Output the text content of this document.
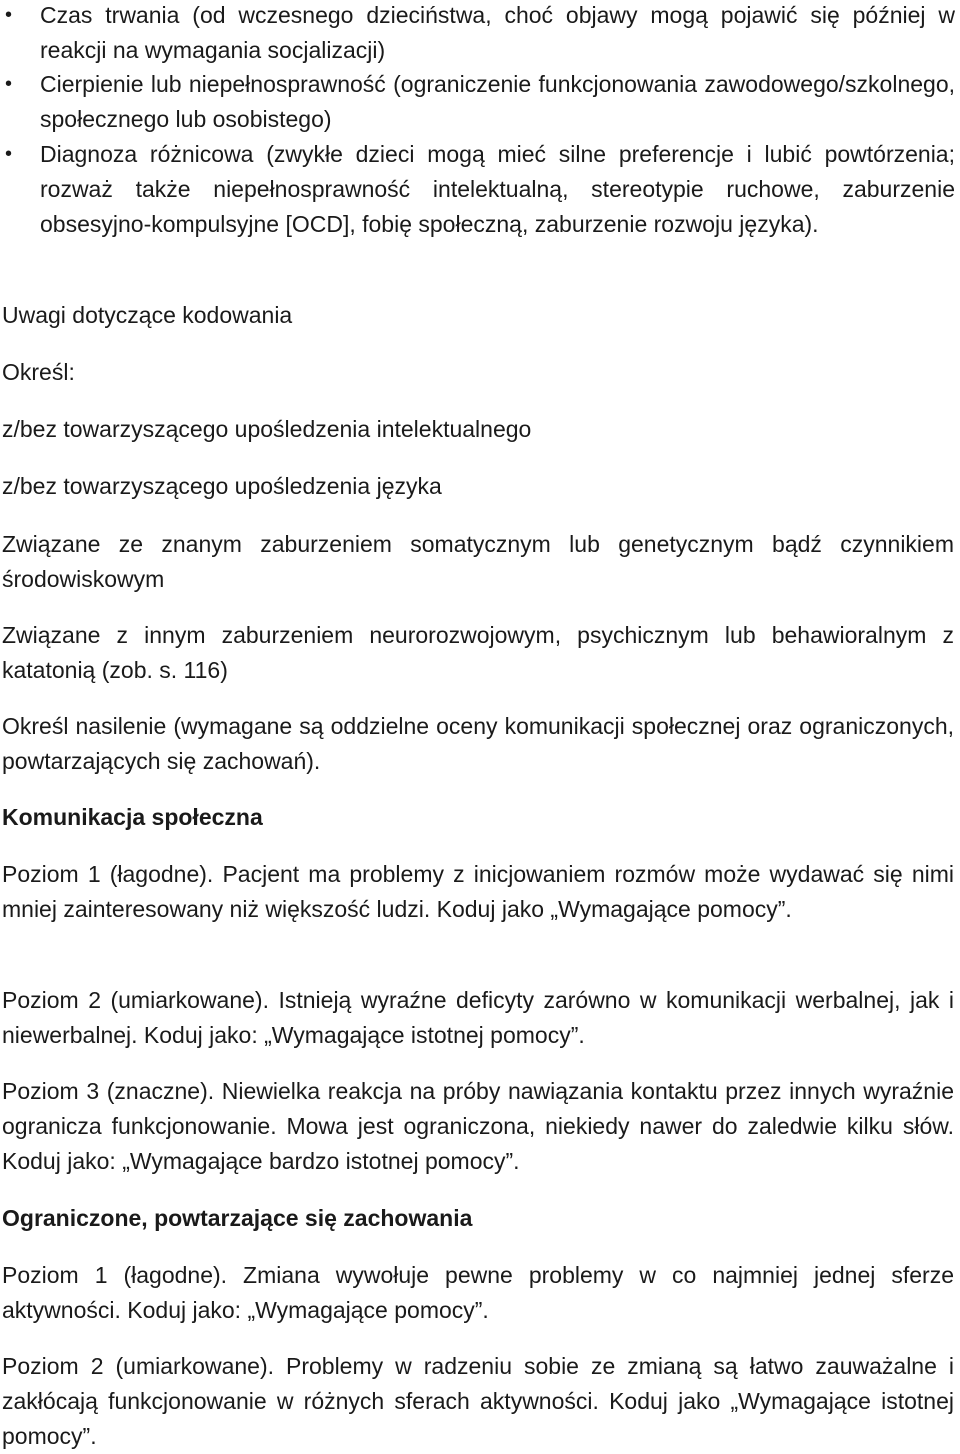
• Czas trwania (od wczesnego dzieciństwa, choć objawy mogą pojawić się później w reakcji na wymagania socjalizacji)

• Cierpienie lub niepełnosprawność (ograniczenie funkcjonowania zawodowego/szkolnego, społecznego lub osobistego)

• Diagnoza różnicowa (zwykłe dzieci mogą mieć silne preferencje i lubić powtórzenia; rozważ także niepełnosprawność intelektualną, stereotypie ruchowe, zaburzenie obsesyjno-kompulsyjne [OCD], fobię społeczną, zaburzenie rozwoju języka).

Uwagi dotyczące kodowania

Określ:

z/bez towarzyszącego upośledzenia intelektualnego

z/bez towarzyszącego upośledzenia języka

Związane ze znanym zaburzeniem somatycznym lub genetycznym bądź czynnikiem środowiskowym

Związane z innym zaburzeniem neurorozwojowym, psychicznym lub behawioralnym z katatonią (zob. s. 116)

Określ nasilenie (wymagane są oddzielne oceny komunikacji społecznej oraz ograniczonych, powtarzających się zachowań).

Komunikacja społeczna

Poziom 1 (łagodne). Pacjent ma problemy z inicjowaniem rozmów może wydawać się nimi mniej zainteresowany niż większość ludzi. Koduj jako „Wymagające pomocy”.

Poziom 2 (umiarkowane). Istnieją wyraźne deficyty zarówno w komunikacji werbalnej, jak i niewerbalnej. Koduj jako: „Wymagające istotnej pomocy”.

Poziom 3 (znaczne). Niewielka reakcja na próby nawiązania kontaktu przez innych wyraźnie ogranicza funkcjonowanie. Mowa jest ograniczona, niekiedy nawer do zaledwie kilku słów. Koduj jako: „Wymagające bardzo istotnej pomocy”.

Ograniczone, powtarzające się zachowania

Poziom 1 (łagodne). Zmiana wywołuje pewne problemy w co najmniej jednej sferze aktywności. Koduj jako: „Wymagające pomocy”.

Poziom 2 (umiarkowane). Problemy w radzeniu sobie ze zmianą są łatwo zauważalne i zakłócają funkcjonowanie w różnych sferach aktywności. Koduj jako „Wymagające istotnej pomocy”.
